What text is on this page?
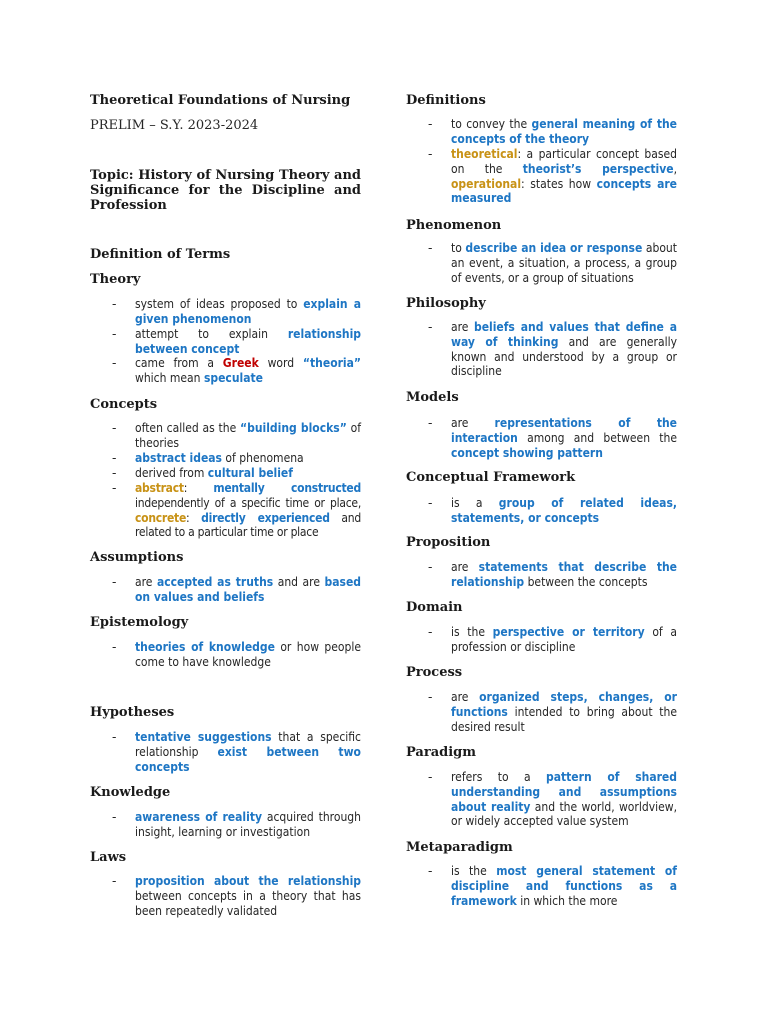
Theoretical Foundations of Nursing
PRELIM – S.Y. 2023-2024
Topic: History of Nursing Theory and Significance for the Discipline and Profession
Definition of Terms
Theory
- system of ideas proposed to explain a given phenomenon
- attempt to explain relationship between concept
- came from a Greek word “theoria” which mean speculate
Concepts
- often called as the “building blocks” of theories
- abstract ideas of phenomena
- derived from cultural belief
- abstract: mentally constructed independently of a specific time or place, concrete: directly experienced and related to a particular time or place
Assumptions
- are accepted as truths and are based on values and beliefs
Epistemology
- theories of knowledge or how people come to have knowledge
Hypotheses
- tentative suggestions that a specific relationship exist between two concepts
Knowledge
- awareness of reality acquired through insight, learning or investigation
Laws
- proposition about the relationship between concepts in a theory that has been repeatedly validated
Definitions
- to convey the general meaning of the concepts of the theory
- theoretical: a particular concept based on the theorist’s perspective, operational: states how concepts are measured
Phenomenon
- to describe an idea or response about an event, a situation, a process, a group of events, or a group of situations
Philosophy
- are beliefs and values that define a way of thinking and are generally known and understood by a group or discipline
Models
- are representations of the interaction among and between the concept showing pattern
Conceptual Framework
- is a group of related ideas, statements, or concepts
Proposition
- are statements that describe the relationship between the concepts
Domain
- is the perspective or territory of a profession or discipline
Process
- are organized steps, changes, or functions intended to bring about the desired result
Paradigm
- refers to a pattern of shared understanding and assumptions about reality and the world, worldview, or widely accepted value system
Metaparadigm
- is the most general statement of discipline and functions as a framework in which the more
